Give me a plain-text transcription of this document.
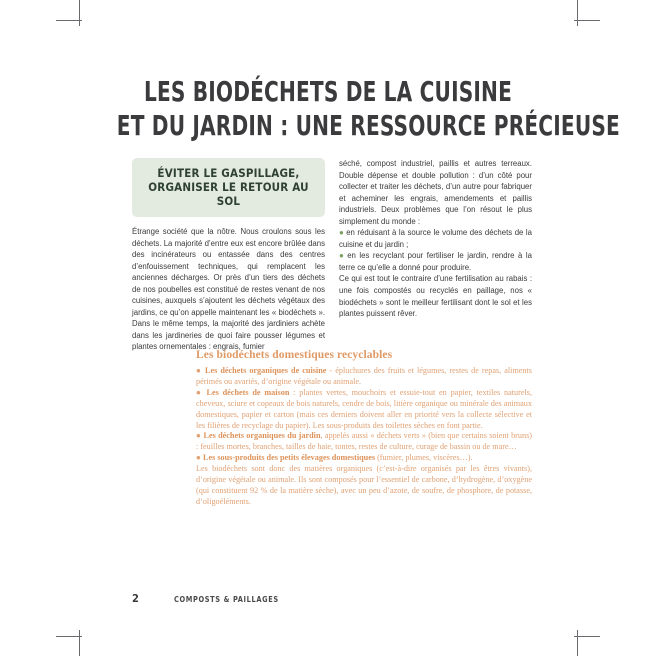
LES BIODÉCHETS DE LA CUISINE
ET DU JARDIN : UNE RESSOURCE PRÉCIEUSE
ÉVITER LE GASPILLAGE,
ORGANISER LE RETOUR AU SOL

Étrange société que la nôtre. Nous croulons sous les déchets. La majorité d’entre eux est encore brûlée dans des incinérateurs ou entassée dans des centres d’enfouissement techniques, qui remplacent les anciennes décharges. Or près d’un tiers des déchets de nos poubelles est constitué de restes venant de nos cuisines, auxquels s’ajoutent les déchets végétaux des jardins, ce qu’on appelle maintenant les « biodéchets ». Dans le même temps, la majorité des jardiniers achète dans les jardineries de quoi faire pousser légumes et plantes ornementales : engrais, fumier

séché, compost industriel, paillis et autres terreaux. Double dépense et double pollution : d’un côté pour collecter et traiter les déchets, d’un autre pour fabriquer et acheminer les engrais, amendements et paillis industriels. Deux problèmes que l’on résout le plus simplement du monde :

● en réduisant à la source le volume des déchets de la cuisine et du jardin ;

● en les recyclant pour fertiliser le jardin, rendre à la terre ce qu’elle a donné pour produire.

Ce qui est tout le contraire d’une fertilisation au rabais : une fois compostés ou recyclés en paillage, nos « biodéchets » sont le meilleur fertilisant dont le sol et les plantes puissent rêver.

Les biodéchets domestiques recyclables

● Les déchets organiques de cuisine - épluchures des fruits et légumes, restes de repas, aliments périmés ou avariés, d’origine végétale ou animale.

● Les déchets de maison : plantes vertes, mouchoirs et essuie-tout en papier, textiles naturels, cheveux, sciure et copeaux de bois naturels, cendre de bois, litière organique ou minérale des animaux domestiques, papier et carton (mais ces derniers doivent aller en priorité vers la collecte sélective et les filières de recyclage du papier). Les sous-produits des toilettes sèches en font partie.

● Les déchets organiques du jardin, appelés aussi « déchets verts » (bien que certains soient bruns) : feuilles mortes, branches, tailles de haie, tontes, restes de culture, curage de bassin ou de mare…

● Les sous-produits des petits élevages domestiques (fumier, plumes, viscères…).

Les biodéchets sont donc des matières organiques (c’est-à-dire organisés par les êtres vivants), d’origine végétale ou animale. Ils sont composés pour l’essentiel de carbone, d’hydrogène, d’oxygène (qui constituent 92 % de la matière sèche), avec un peu d’azote, de soufre, de phosphore, de potasse, d’oligoéléments.

2	COMPOSTS & PAILLAGES
